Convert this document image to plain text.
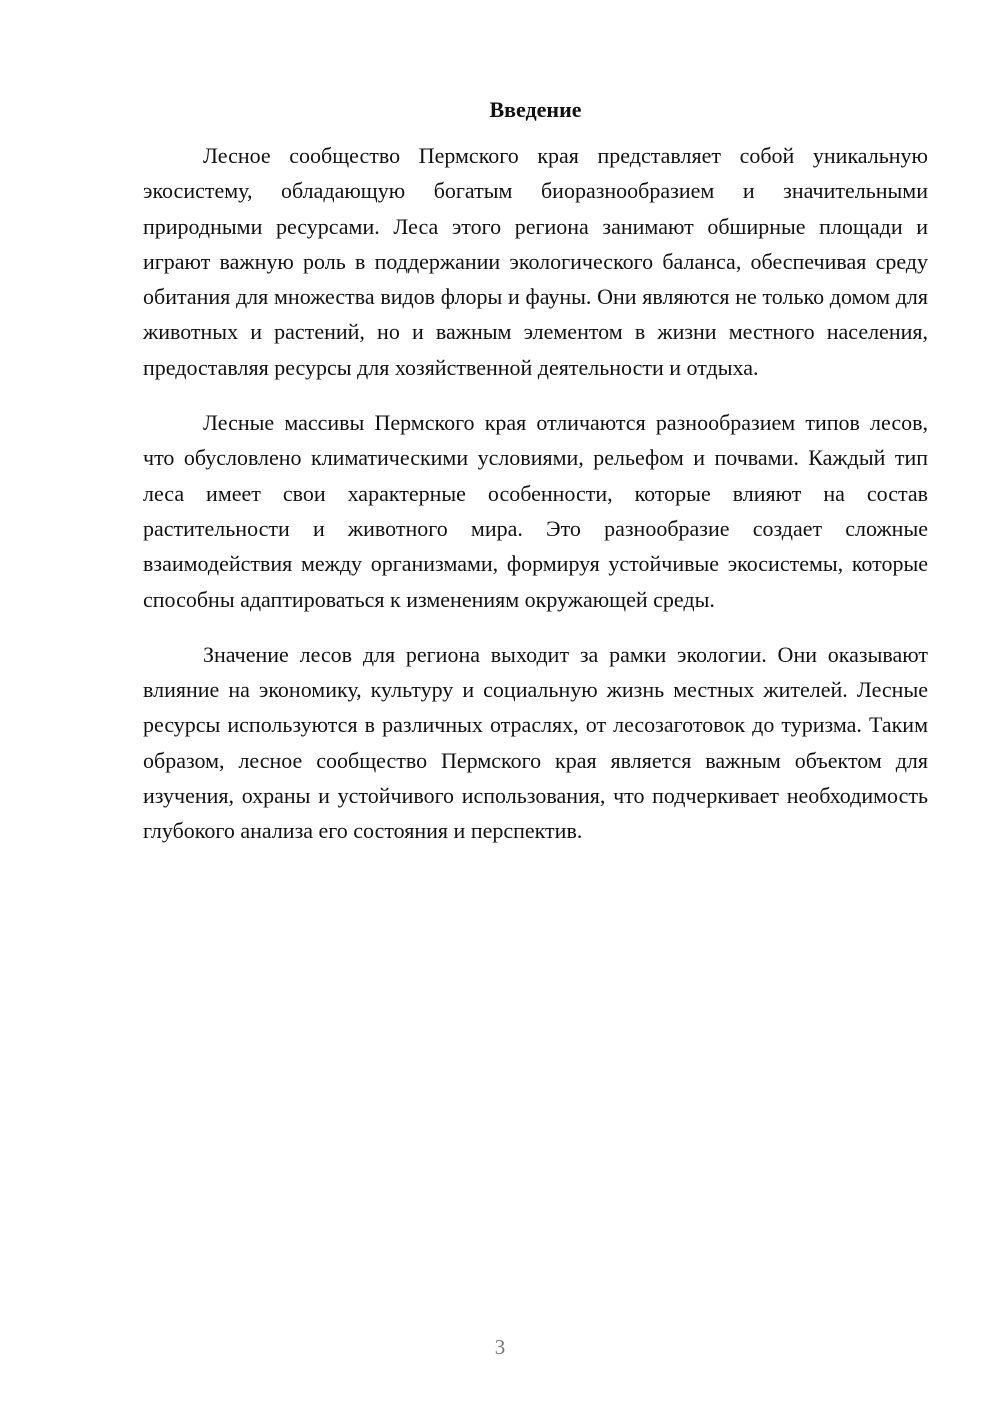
Введение

Лесное сообщество Пермского края представляет собой уникальную экосистему, обладающую богатым биоразнообразием и значительными природными ресурсами. Леса этого региона занимают обширные площади и играют важную роль в поддержании экологического баланса, обеспечивая среду обитания для множества видов флоры и фауны. Они являются не только домом для животных и растений, но и важным элементом в жизни местного населения, предоставляя ресурсы для хозяйственной деятельности и отдыха.

Лесные массивы Пермского края отличаются разнообразием типов лесов, что обусловлено климатическими условиями, рельефом и почвами. Каждый тип леса имеет свои характерные особенности, которые влияют на состав растительности и животного мира. Это разнообразие создает сложные взаимодействия между организмами, формируя устойчивые экосистемы, которые способны адаптироваться к изменениям окружающей среды.

Значение лесов для региона выходит за рамки экологии. Они оказывают влияние на экономику, культуру и социальную жизнь местных жителей. Лесные ресурсы используются в различных отраслях, от лесозаготовок до туризма. Таким образом, лесное сообщество Пермского края является важным объектом для изучения, охраны и устойчивого использования, что подчеркивает необходимость глубокого анализа его состояния и перспектив.

3
